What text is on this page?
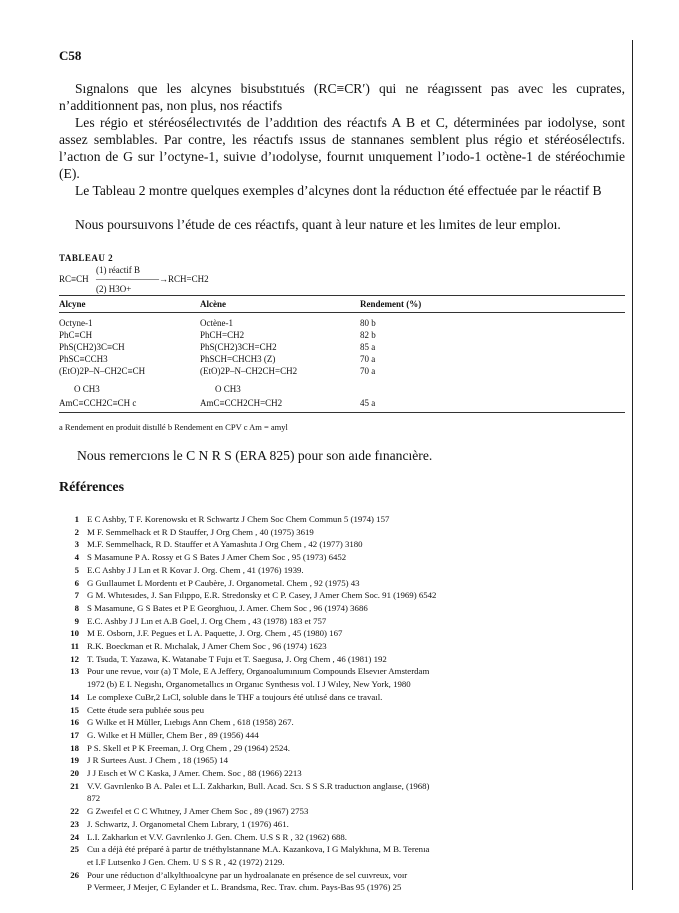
C58
Sıgnalons que les alcynes bisubstıtués (RC≡CR′) qui ne réagıssent pas avec les cuprates, n’additionnent pas, non plus, nos réactifs
Les régio et stéréosélectıvıtés de l’addıtion des réactıfs A B et C, déterminées par iodolyse, sont assez semblables. Par contre, les réactıfs ıssus de stannanes semblent plus régio et stéréosélectıfs. l’actıon de G sur l’octyne-1, suivıe d’ıodolyse, fournıt unıquement l’ıodo-1 octène-1 de stéréochımie (E).
Le Tableau 2 montre quelques exemples d’alcynes dont la réductıon été effectuée par le réactif B
Nous poursuıvons l’étude de ces réactıfs, quant à leur nature et les lımites de leur emploı.
TABLEAU 2
RC≡CH
(1) réactif B
———————→
(2) H3O+
RCH=CH2
Alcyne	Alcène	Rendement (%)
Octyne-1	Octène-1	80 b
PhC≡CH	PhCH=CH2	82 b
PhS(CH2)3C≡CH	PhS(CH2)3CH=CH2	85 a
PhSC≡CCH3	PhSCH=CHCH3 (Z)	70 a
(EtO)2P–N–CH2C≡CH	(EtO)2P–N–CH2CH=CH2	70 a
O CH3	O CH3
AmC≡CCH2C≡CH c	AmC≡CCH2CH=CH2	45 a
a Rendement en produit distıllé b Rendement en CPV c Am = amyl
Nous remercıons le C N R S (ERA 825) pour son aıde fınancıère.
Références
1 E C Ashby, T F. Korenowskı et R Schwartz J Chem Soc Chem Commun 5 (1974) 157
2 M F. Semmelhack et R D Stauffer, J Org Chem , 40 (1975) 3619
3 M.F. Semmelhack, R D. Stauffer et A Yamashıta J Org Chem , 42 (1977) 3180
4 S Masamune P A. Rossy et G S Bates J Amer Chem Soc , 95 (1973) 6452
5 E.C Ashby J J Lın et R Kovar J. Org. Chem , 41 (1976) 1939.
6 G Guıllaumet L Mordentı et P Caubère, J. Organometal. Chem , 92 (1975) 43
7 G M. Whıtesıdes, J. San Fılıppo, E.R. Stredonsky et C P. Casey, J Amer Chem Soc. 91 (1969) 6542
8 S Masamune, G S Bates et P E Georghıou, J. Amer. Chem Soc , 96 (1974) 3686
9 E.C. Ashby J J Lın et A.B Goel, J. Org Chem , 43 (1978) 183 et 757
10 M E. Osborn, J.F. Pegues et L A. Paquette, J. Org. Chem , 45 (1980) 167
11 R.K. Boeckman et R. Mıchalak, J Amer Chem Soc , 96 (1974) 1623
12 T. Tsuda, T. Yazawa, K. Watanabe T Fujıı et T. Saegusa, J. Org Chem , 46 (1981) 192
13 Pour une revue, voır (a) T Mole, E A Jeffery, Organoalumınıum Compounds Elsevıer Amsterdam
1972 (b) E I. Negıshı, Organometallıcs ın Organıc Synthesıs vol. I J Wıley, New York, 1980
14 Le complexe CuBr,2 LıCl, soluble dans le THF a toujours été utılısé dans ce travaıl.
15 Cette étude sera publıée sous peu
16 G Wılke et H Müller, Lıebıgs Ann Chem , 618 (1958) 267.
17 G. Wılke et H Müller, Chem Ber , 89 (1956) 444
18 P S. Skell et P K Freeman, J. Org Chem , 29 (1964) 2524.
19 J R Surtees Aust. J Chem , 18 (1965) 14
20 J J Eısch et W C Kaska, J Amer. Chem. Soc , 88 (1966) 2213
21 V.V. Gavrılenko B A. Paleı et L.I. Zakharkın, Bull. Acad. Scı. S S S.R traductıon anglaıse, (1968)
872
22 G Zweıfel et C C Whıtney, J Amer Chem Soc , 89 (1967) 2753
23 J. Schwartz, J. Organometal Chem Lıbrary, 1 (1976) 461.
24 L.I. Zakharkın et V.V. Gavrılenko J. Gen. Chem. U.S S R , 32 (1962) 688.
25 Cuı a déjà été préparé à partır de trıéthylstannane M.A. Kazankova, I G Malykhına, M B. Terenıa
et I.F Lutsenko J Gen. Chem. U S S R , 42 (1972) 2129.
26 Pour une réductıon d’alkylthıoalcyne par un hydroalanate en présence de sel cuıvreux, voır
P Vermeer, J Meıjer, C Eylander et L. Brandsma, Rec. Trav. chım. Pays-Bas 95 (1976) 25
